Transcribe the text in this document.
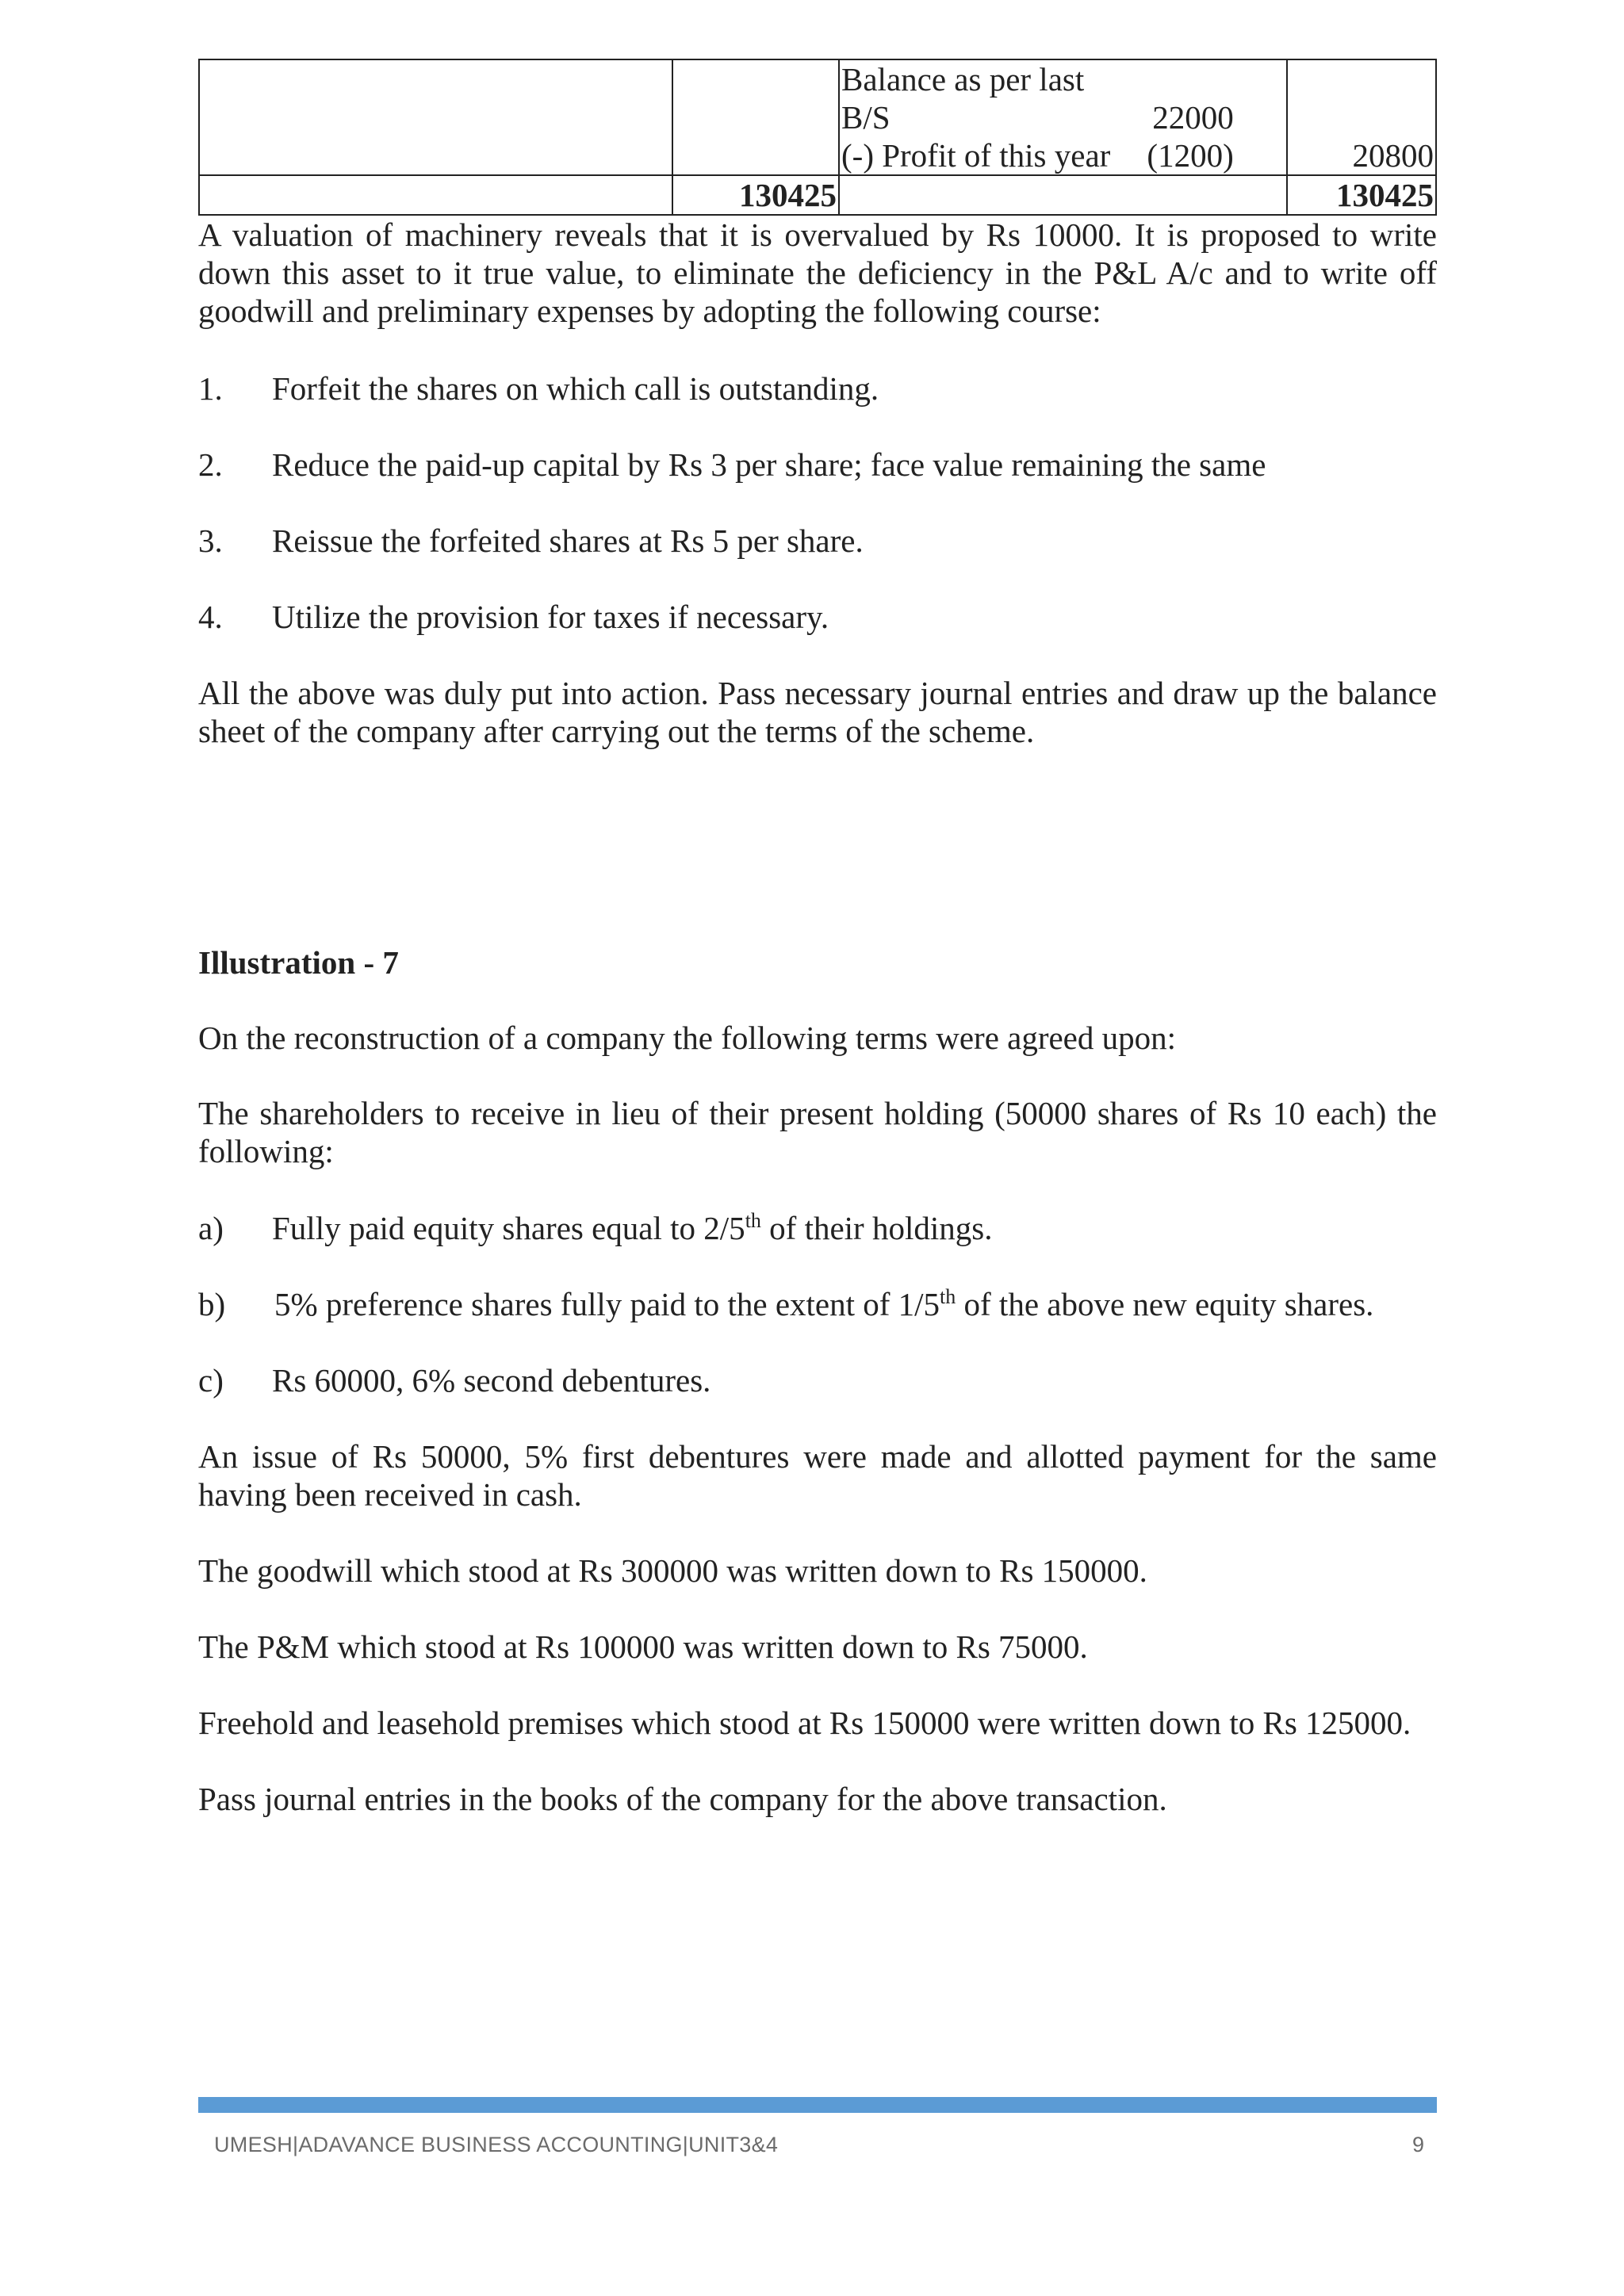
		Balance as per last
B/S 22000
(-) Profit of this year (1200)	20800
	130425		130425

A valuation of machinery reveals that it is overvalued by Rs 10000. It is proposed to write down this asset to it true value, to eliminate the deficiency in the P&L A/c and to write off goodwill and preliminary expenses by adopting the following course:

1.	Forfeit the shares on which call is outstanding.
2.	Reduce the paid-up capital by Rs 3 per share; face value remaining the same
3.	Reissue the forfeited shares at Rs 5 per share.
4.	Utilize the provision for taxes if necessary.

All the above was duly put into action. Pass necessary journal entries and draw up the balance sheet of the company after carrying out the terms of the scheme.

Illustration - 7

On the reconstruction of a company the following terms were agreed upon:

The shareholders to receive in lieu of their present holding (50000 shares of Rs 10 each) the following:

a)	Fully paid equity shares equal to 2/5th of their holdings.
b)	5% preference shares fully paid to the extent of 1/5th of the above new equity shares.
c)	Rs 60000, 6% second debentures.

An issue of Rs 50000, 5% first debentures were made and allotted payment for the same having been received in cash.

The goodwill which stood at Rs 300000 was written down to Rs 150000.

The P&M which stood at Rs 100000 was written down to Rs 75000.

Freehold and leasehold premises which stood at Rs 150000 were written down to Rs 125000.

Pass journal entries in the books of the company for the above transaction.

UMESH|ADAVANCE BUSINESS ACCOUNTING|UNIT3&4	9
